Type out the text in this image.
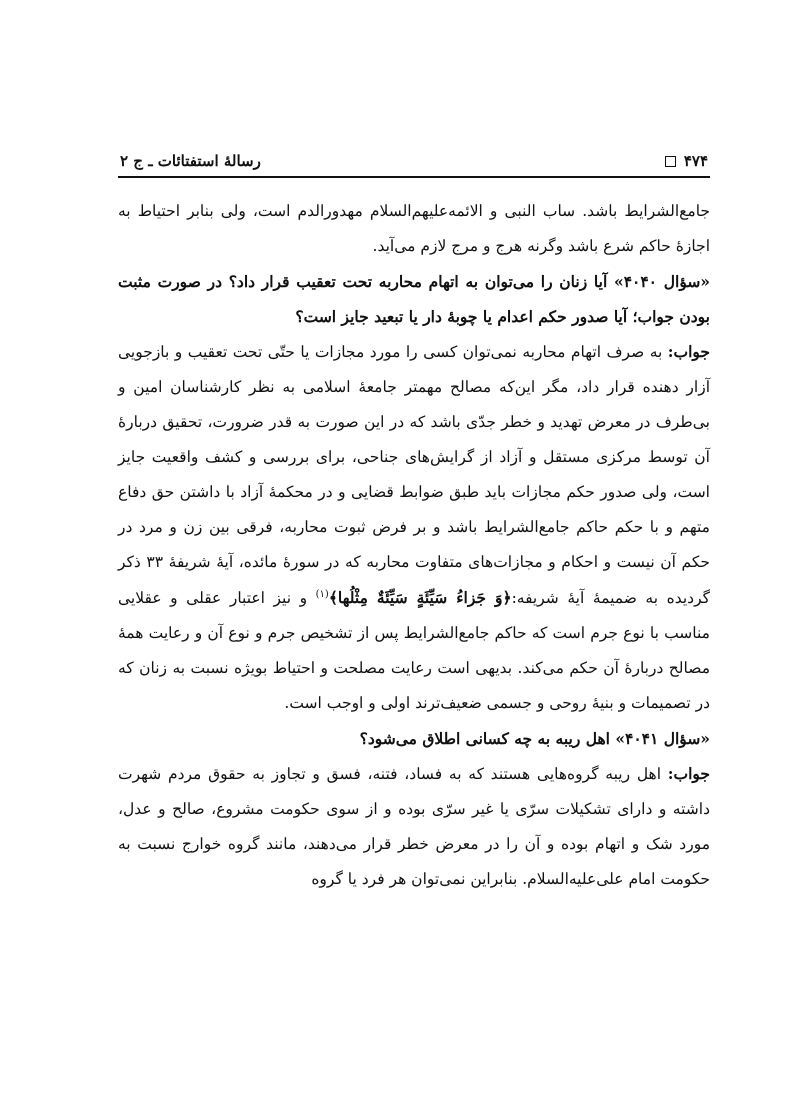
۴۷۴
رسالهٔ استفتائات ـ ج ۲

جامع‌الشرایط باشد. ساب النبی و الائمه‌علیهم‌السلام مهدورالدم است، ولی بنابر احتیاط به اجازهٔ حاکم شرع باشد وگرنه هرج و مرج لازم می‌آید.

«سؤال ۴۰۴۰» آیا زنان را می‌توان به اتهام محاربه تحت تعقیب قرار داد؟ در صورت مثبت بودن جواب؛ آیا صدور حکم اعدام یا چوبهٔ دار یا تبعید جایز است؟

جواب: به صرف اتهام محاربه نمی‌توان کسی را مورد مجازات یا حتّی تحت تعقیب و بازجویی آزار دهنده قرار داد، مگر این‌که مصالح مهمتر جامعهٔ اسلامی به نظر کارشناسان امین و بی‌طرف در معرض تهدید و خطر جدّی باشد که در این صورت به قدر ضرورت، تحقیق دربارهٔ آن توسط مرکزی مستقل و آزاد از گرایش‌های جناحی، برای بررسی و کشف واقعیت جایز است، ولی صدور حکم مجازات باید طبق ضوابط قضایی و در محکمهٔ آزاد با داشتن حق دفاع متهم و با حکم حاکم جامع‌الشرایط باشد و بر فرض ثبوت محاربه، فرقی بین زن و مرد در حکم آن نیست و احکام و مجازات‌های متفاوت محاربه که در سورهٔ مائده، آیهٔ شریفهٔ ۳۳ ذکر گردیده به ضمیمهٔ آیهٔ شریفه:﴿وَ جَزاءُ سَيِّئَةٍ سَيِّئَةٌ مِثْلُها﴾$^{(۱)}$ و نیز اعتبار عقلی و عقلایی مناسب با نوع جرم است که حاکم جامع‌الشرایط پس از تشخیص جرم و نوع آن و رعایت همهٔ مصالح دربارهٔ آن حکم می‌کند. بدیهی است رعایت مصلحت و احتیاط بویژه نسبت به زنان که در تصمیمات و بنیهٔ روحی و جسمی ضعیف‌ترند اولی و اوجب است.

«سؤال ۴۰۴۱» اهل ریبه به چه کسانی اطلاق می‌شود؟

جواب: اهل ریبه گروه‌هایی هستند که به فساد، فتنه، فسق و تجاوز به حقوق مردم شهرت داشته و دارای تشکیلات سرّی یا غیر سرّی بوده و از سوی حکومت مشروع، صالح و عدل، مورد شک و اتهام بوده و آن را در معرض خطر قرار می‌دهند، مانند گروه خوارج نسبت به حکومت امام علی‌علیه‌السلام. بنابراین نمی‌توان هر فرد یا گروه
